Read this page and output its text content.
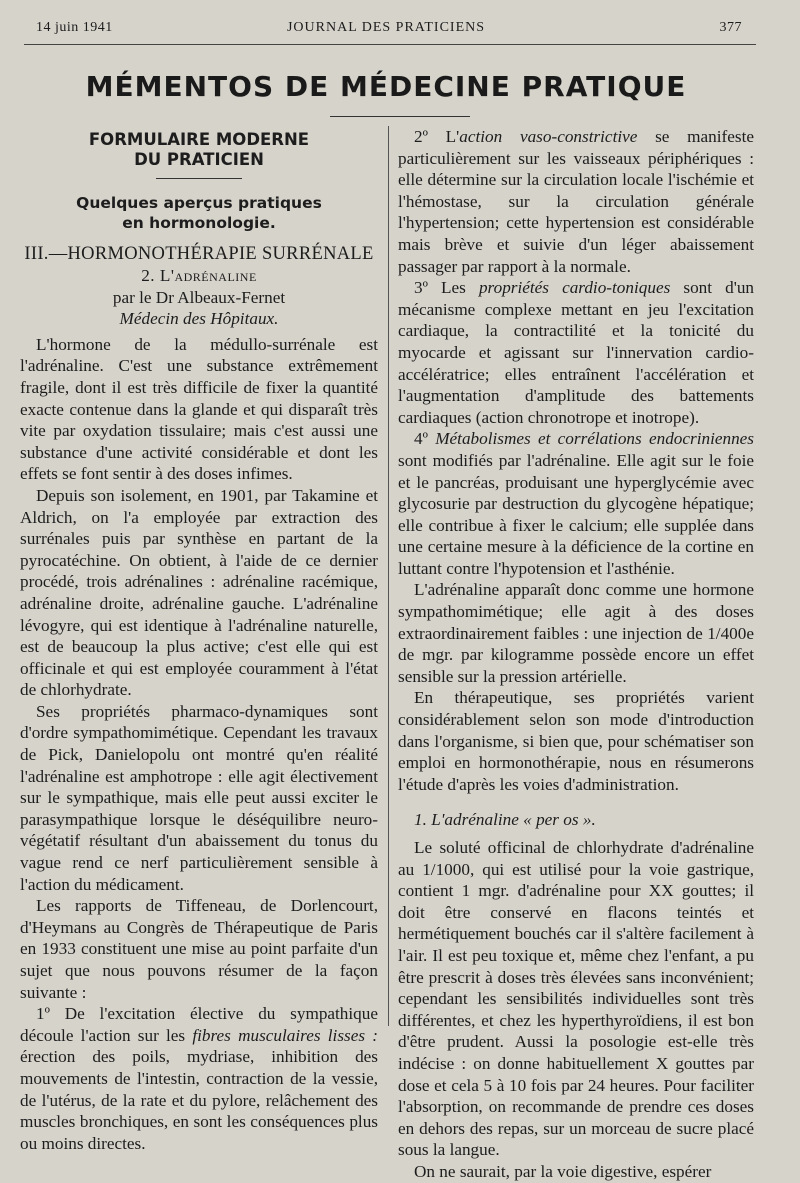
14 juin 1941	JOURNAL DES PRATICIENS	377
MÉMENTOS DE MÉDECINE PRATIQUE
FORMULAIRE MODERNE
DU PRATICIEN
Quelques aperçus pratiques
en hormonologie.
III.—HORMONOTHÉRAPIE SURRÉNALE
2. L'adrénaline
par le Dr Albeaux-Fernet
Médecin des Hôpitaux.

L'hormone de la médullo-surrénale est l'adrénaline. C'est une substance extrêmement fragile, dont il est très difficile de fixer la quantité exacte contenue dans la glande et qui disparaît très vite par oxydation tissulaire; mais c'est aussi une substance d'une activité considérable et dont les effets se font sentir à des doses infimes.

Depuis son isolement, en 1901, par Takamine et Aldrich, on l'a employée par extraction des surrénales puis par synthèse en partant de la pyrocatéchine. On obtient, à l'aide de ce dernier procédé, trois adrénalines : adrénaline racémique, adrénaline droite, adrénaline gauche. L'adrénaline lévogyre, qui est identique à l'adrénaline naturelle, est de beaucoup la plus active; c'est elle qui est officinale et qui est employée couramment à l'état de chlorhydrate.

Ses propriétés pharmaco-dynamiques sont d'ordre sympathomimétique. Cependant les travaux de Pick, Danielopolu ont montré qu'en réalité l'adrénaline est amphotrope : elle agit électivement sur le sympathique, mais elle peut aussi exciter le parasympathique lorsque le déséquilibre neuro-végétatif résultant d'un abaissement du tonus du vague rend ce nerf particulièrement sensible à l'action du médicament.

Les rapports de Tiffeneau, de Dorlencourt, d'Heymans au Congrès de Thérapeutique de Paris en 1933 constituent une mise au point parfaite d'un sujet que nous pouvons résumer de la façon suivante :

1º De l'excitation élective du sympathique découle l'action sur les fibres musculaires lisses : érection des poils, mydriase, inhibition des mouvements de l'intestin, contraction de la vessie, de l'utérus, de la rate et du pylore, relâchement des muscles bronchiques, en sont les conséquences plus ou moins directes.

2º L'action vaso-constrictive se manifeste particulièrement sur les vaisseaux périphériques : elle détermine sur la circulation locale l'ischémie et l'hémostase, sur la circulation générale l'hypertension; cette hypertension est considérable mais brève et suivie d'un léger abaissement passager par rapport à la normale.

3º Les propriétés cardio-toniques sont d'un mécanisme complexe mettant en jeu l'excitation cardiaque, la contractilité et la tonicité du myocarde et agissant sur l'innervation cardio-accélératrice; elles entraînent l'accélération et l'augmentation d'amplitude des battements cardiaques (action chronotrope et inotrope).

4º Métabolismes et corrélations endocriniennes sont modifiés par l'adrénaline. Elle agit sur le foie et le pancréas, produisant une hyperglycémie avec glycosurie par destruction du glycogène hépatique; elle contribue à fixer le calcium; elle supplée dans une certaine mesure à la déficience de la cortine en luttant contre l'hypotension et l'asthénie.

L'adrénaline apparaît donc comme une hormone sympathomimétique; elle agit à des doses extraordinairement faibles : une injection de 1/400e de mgr. par kilogramme possède encore un effet sensible sur la pression artérielle.

En thérapeutique, ses propriétés varient considérablement selon son mode d'introduction dans l'organisme, si bien que, pour schématiser son emploi en hormonothérapie, nous en résumerons l'étude d'après les voies d'administration.

1. L'adrénaline « per os ».

Le soluté officinal de chlorhydrate d'adrénaline au 1/1000, qui est utilisé pour la voie gastrique, contient 1 mgr. d'adrénaline pour XX gouttes; il doit être conservé en flacons teintés et hermétiquement bouchés car il s'altère facilement à l'air. Il est peu toxique et, même chez l'enfant, a pu être prescrit à doses très élevées sans inconvénient; cependant les sensibilités individuelles sont très différentes, et chez les hyperthyroïdiens, il est bon d'être prudent. Aussi la posologie est-elle très indécise : on donne habituellement X gouttes par dose et cela 5 à 10 fois par 24 heures. Pour faciliter l'absorption, on recommande de prendre ces doses en dehors des repas, sur un morceau de sucre placé sous la langue.

On ne saurait, par la voie digestive, espérer
